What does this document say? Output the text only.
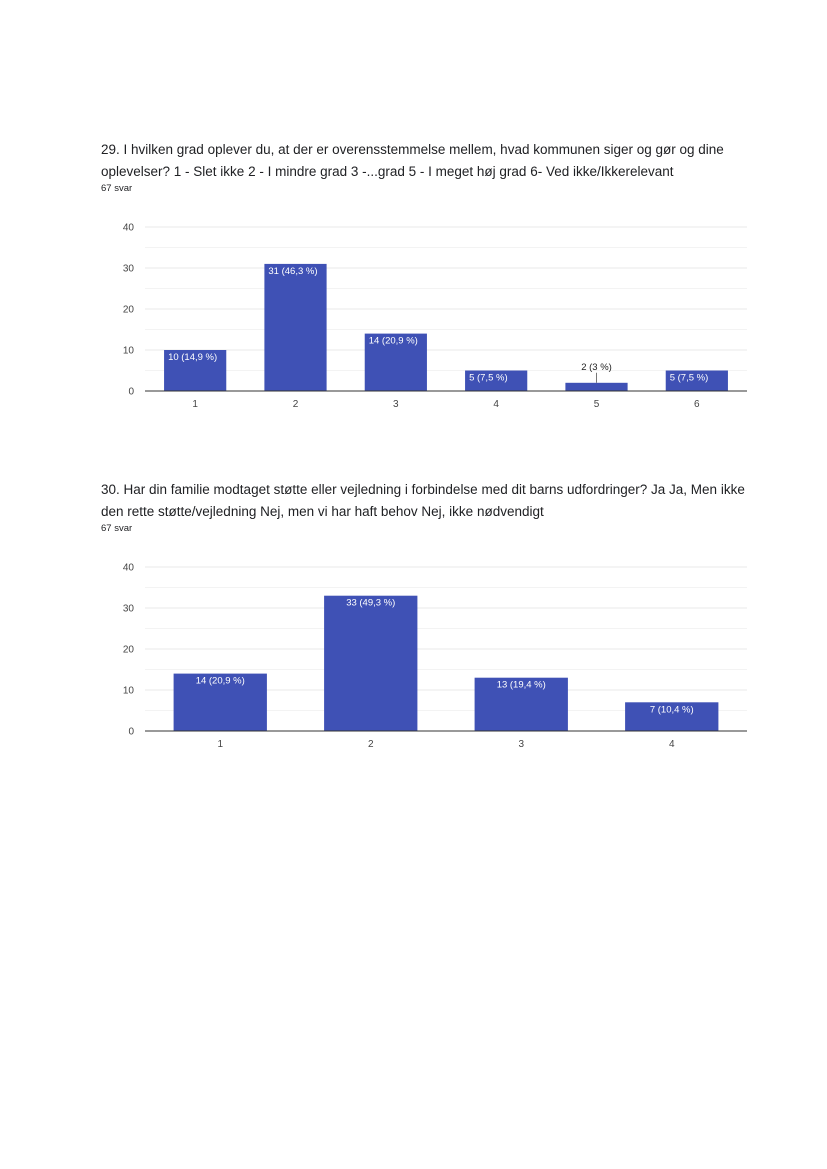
29. I hvilken grad oplever du, at der er overensstemmelse mellem, hvad kommunen siger og gør og dine oplevelser? 1 - Slet ikke 2 - I mindre grad 3 -...grad 5 - I meget høj grad 6- Ved ikke/Ikkerelevant

67 svar
0
10
20
30
40
10 (14,9 %)
1
31 (46,3 %)
2
14 (20,9 %)
3
5 (7,5 %)
4
2 (3 %)
5
5 (7,5 %)
6

30. Har din familie modtaget støtte eller vejledning i forbindelse med dit barns udfordringer? Ja Ja, Men ikke den rette støtte/vejledning Nej, men vi har haft behov Nej, ikke nødvendigt

67 svar
0
10
20
30
40
14 (20,9 %)
1
33 (49,3 %)
2
13 (19,4 %)
3
7 (10,4 %)
4
